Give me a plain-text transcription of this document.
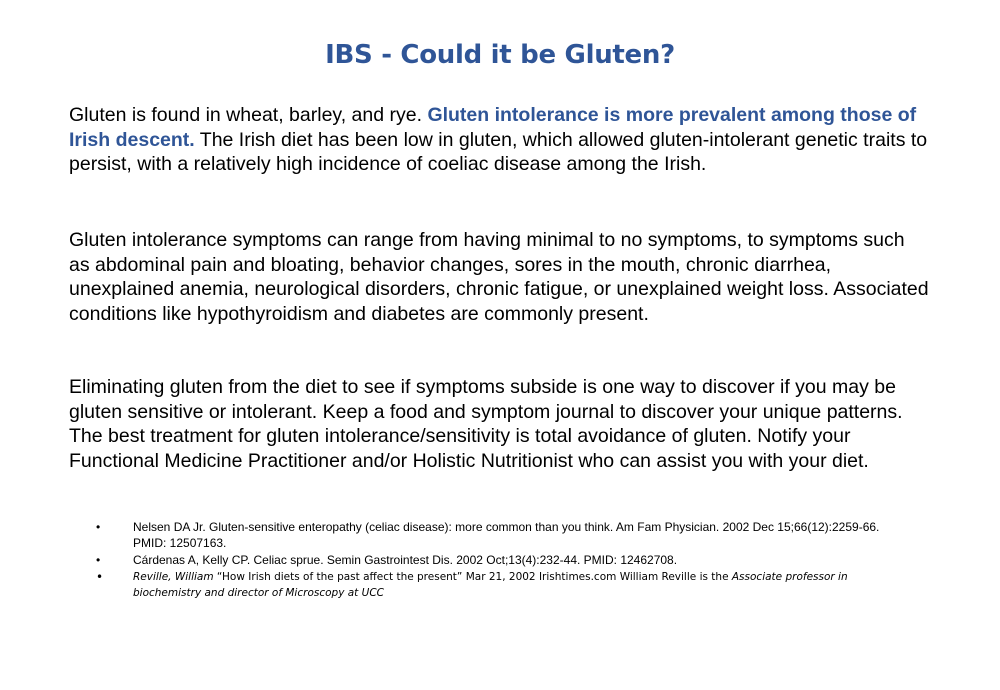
IBS - Could it be Gluten?
Gluten is found in wheat, barley, and rye. Gluten intolerance is more prevalent among those of Irish descent. The Irish diet has been low in gluten, which allowed gluten-intolerant genetic traits to persist, with a relatively high incidence of coeliac disease among the Irish.
Gluten intolerance symptoms can range from having minimal to no symptoms, to symptoms such as abdominal pain and bloating, behavior changes, sores in the mouth, chronic diarrhea, unexplained anemia, neurological disorders, chronic fatigue, or unexplained weight loss. Associated conditions like hypothyroidism and diabetes are commonly present.
Eliminating gluten from the diet to see if symptoms subside is one way to discover if you may be gluten sensitive or intolerant. Keep a food and symptom journal to discover your unique patterns. The best treatment for gluten intolerance/sensitivity is total avoidance of gluten. Notify your Functional Medicine Practitioner and/or Holistic Nutritionist who can assist you with your diet.
•	Nelsen DA Jr. Gluten-sensitive enteropathy (celiac disease): more common than you think. Am Fam Physician. 2002 Dec 15;66(12):2259-66. PMID: 12507163.
•	Cárdenas A, Kelly CP. Celiac sprue. Semin Gastrointest Dis. 2002 Oct;13(4):232-44. PMID: 12462708.
•	Reville, William “How Irish diets of the past affect the present” Mar 21, 2002 Irishtimes.com William Reville is the Associate professor in biochemistry and director of Microscopy at UCC
